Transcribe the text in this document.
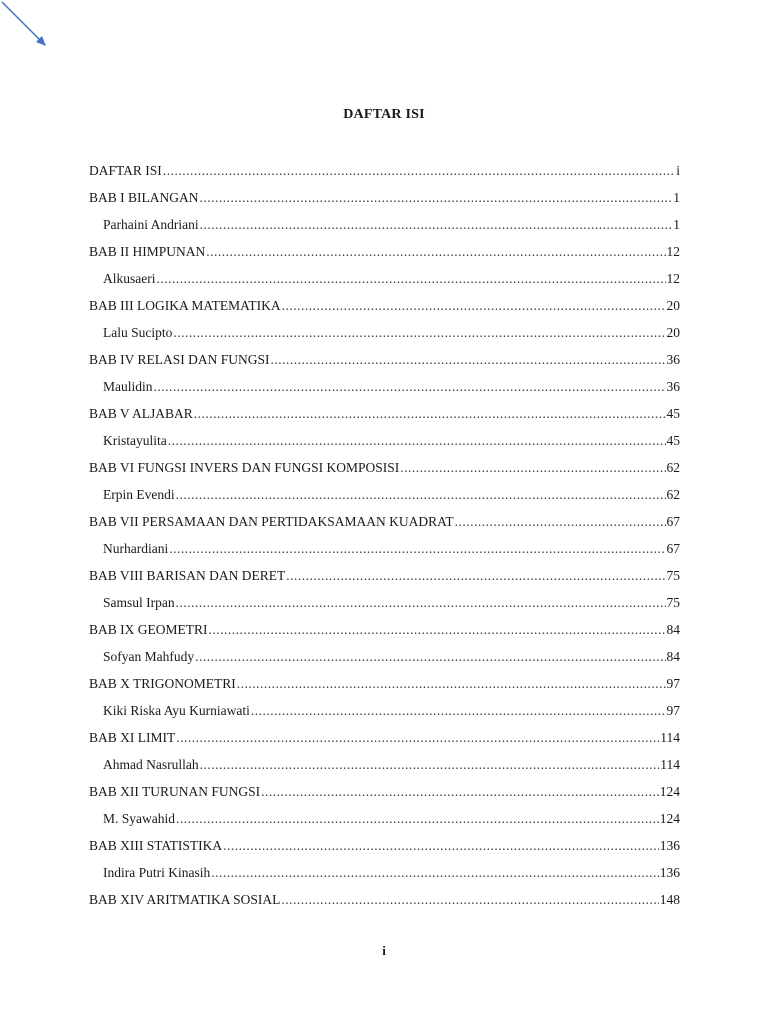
DAFTAR ISI
DAFTAR ISI .....	i
BAB I BILANGAN .....	1
Parhaini Andriani .....	1
BAB II HIMPUNAN .....	12
Alkusaeri .....	12
BAB III LOGIKA MATEMATIKA .....	20
Lalu Sucipto .....	20
BAB IV RELASI DAN FUNGSI .....	36
Maulidin .....	36
BAB V ALJABAR .....	45
Kristayulita .....	45
BAB VI FUNGSI INVERS DAN FUNGSI KOMPOSISI .....	62
Erpin Evendi .....	62
BAB VII PERSAMAAN DAN PERTIDAKSAMAAN KUADRAT .....	67
Nurhardiani .....	67
BAB VIII BARISAN DAN DERET .....	75
Samsul Irpan .....	75
BAB IX GEOMETRI .....	84
Sofyan Mahfudy .....	84
BAB X TRIGONOMETRI .....	97
Kiki Riska Ayu Kurniawati .....	97
BAB XI LIMIT .....	114
Ahmad Nasrullah .....	114
BAB XII TURUNAN FUNGSI .....	124
M. Syawahid .....	124
BAB XIII STATISTIKA .....	136
Indira Putri Kinasih .....	136
BAB XIV ARITMATIKA SOSIAL .....	148
i
